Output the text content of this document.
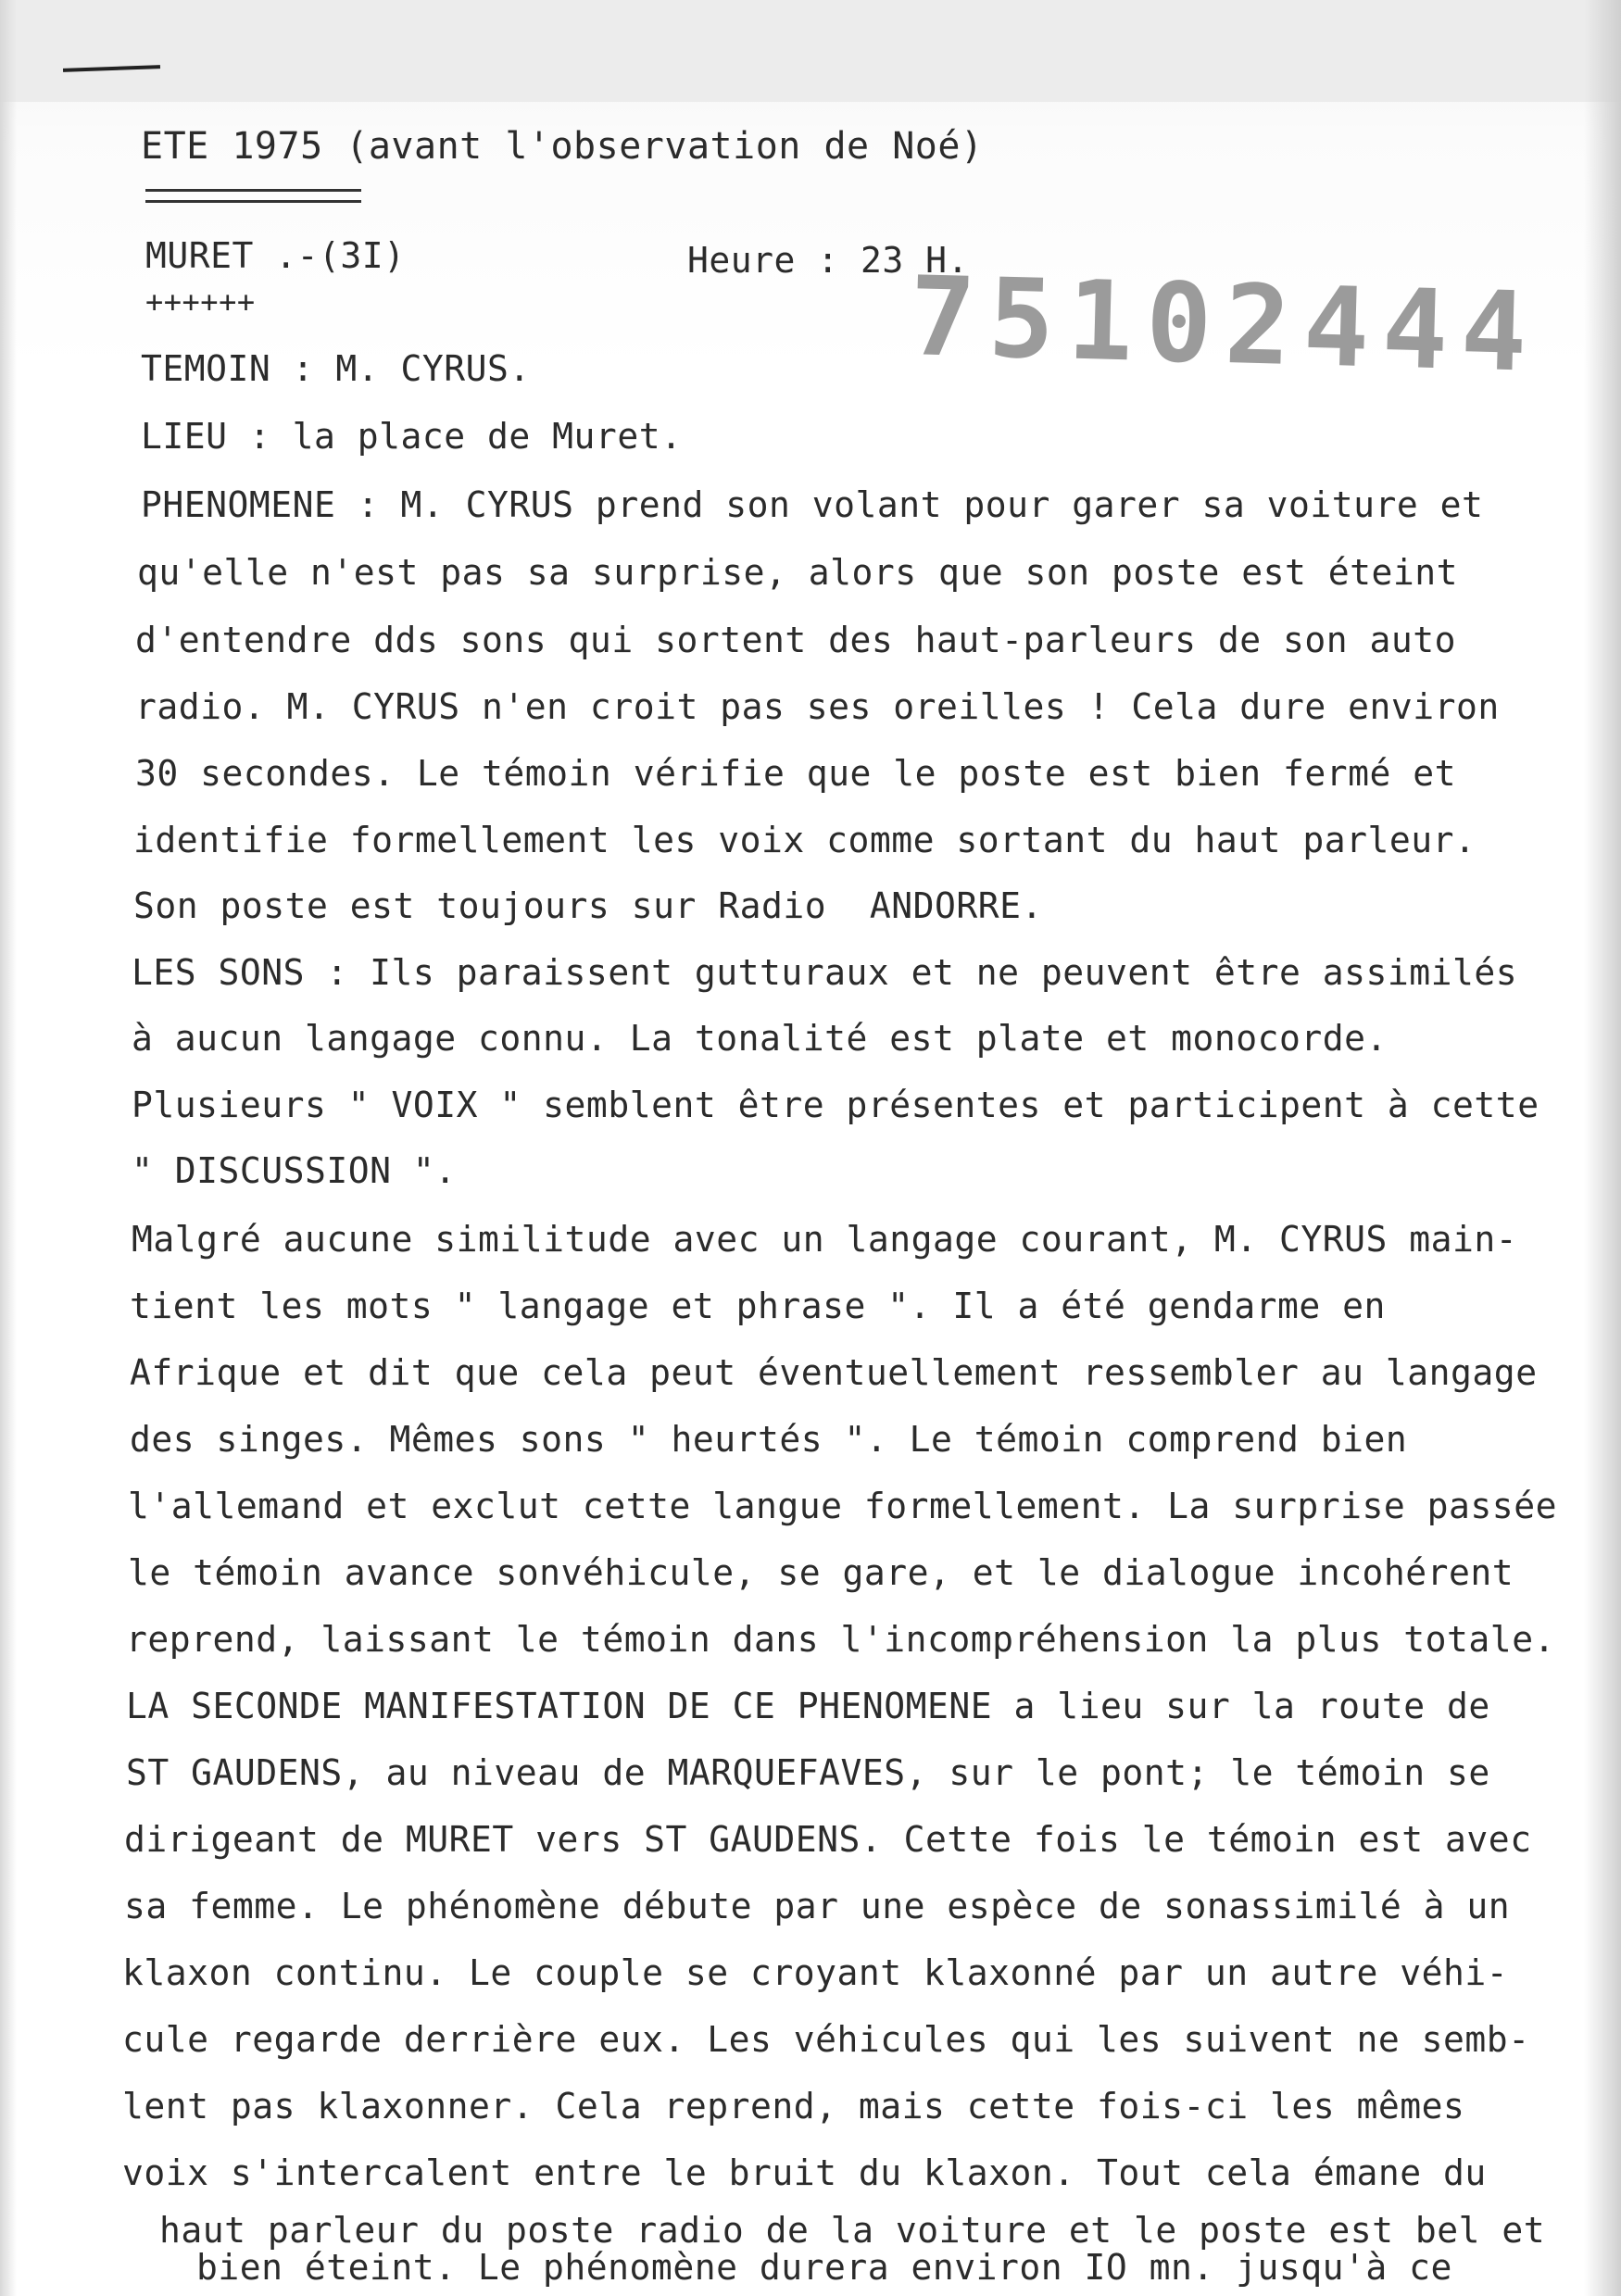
ETE 1975 (avant l'observation de Noé)
MURET .-(3I)	Heure : 23 H.
++++++	75102444
TEMOIN : M. CYRUS.
LIEU : la place de Muret.
PHENOMENE : M. CYRUS prend son volant pour garer sa voiture et
qu'elle n'est pas sa surprise, alors que son poste est éteint
d'entendre dds sons qui sortent des haut-parleurs de son auto
radio. M. CYRUS n'en croit pas ses oreilles ! Cela dure environ
30 secondes. Le témoin vérifie que le poste est bien fermé et
identifie formellement les voix comme sortant du haut parleur.
Son poste est toujours sur Radio  ANDORRE.
LES SONS : Ils paraissent gutturaux et ne peuvent être assimilés
à aucun langage connu. La tonalité est plate et monocorde.
Plusieurs " VOIX " semblent être présentes et participent à cette
" DISCUSSION ".
Malgré aucune similitude avec un langage courant, M. CYRUS main-
tient les mots " langage et phrase ". Il a été gendarme en
Afrique et dit que cela peut éventuellement ressembler au langage
des singes. Mêmes sons " heurtés ". Le témoin comprend bien
l'allemand et exclut cette langue formellement. La surprise passée
le témoin avance sonvéhicule, se gare, et le dialogue incohérent
reprend, laissant le témoin dans l'incompréhension la plus totale.
LA SECONDE MANIFESTATION DE CE PHENOMENE a lieu sur la route de
ST GAUDENS, au niveau de MARQUEFAVES, sur le pont; le témoin se
dirigeant de MURET vers ST GAUDENS. Cette fois le témoin est avec
sa femme. Le phénomène débute par une espèce de sonassimilé à un
klaxon continu. Le couple se croyant klaxonné par un autre véhi-
cule regarde derrière eux. Les véhicules qui les suivent ne semb-
lent pas klaxonner. Cela reprend, mais cette fois-ci les mêmes
voix s'intercalent entre le bruit du klaxon. Tout cela émane du
haut parleur du poste radio de la voiture et le poste est bel et
bien éteint. Le phénomène durera environ IO mn. jusqu'à ce
